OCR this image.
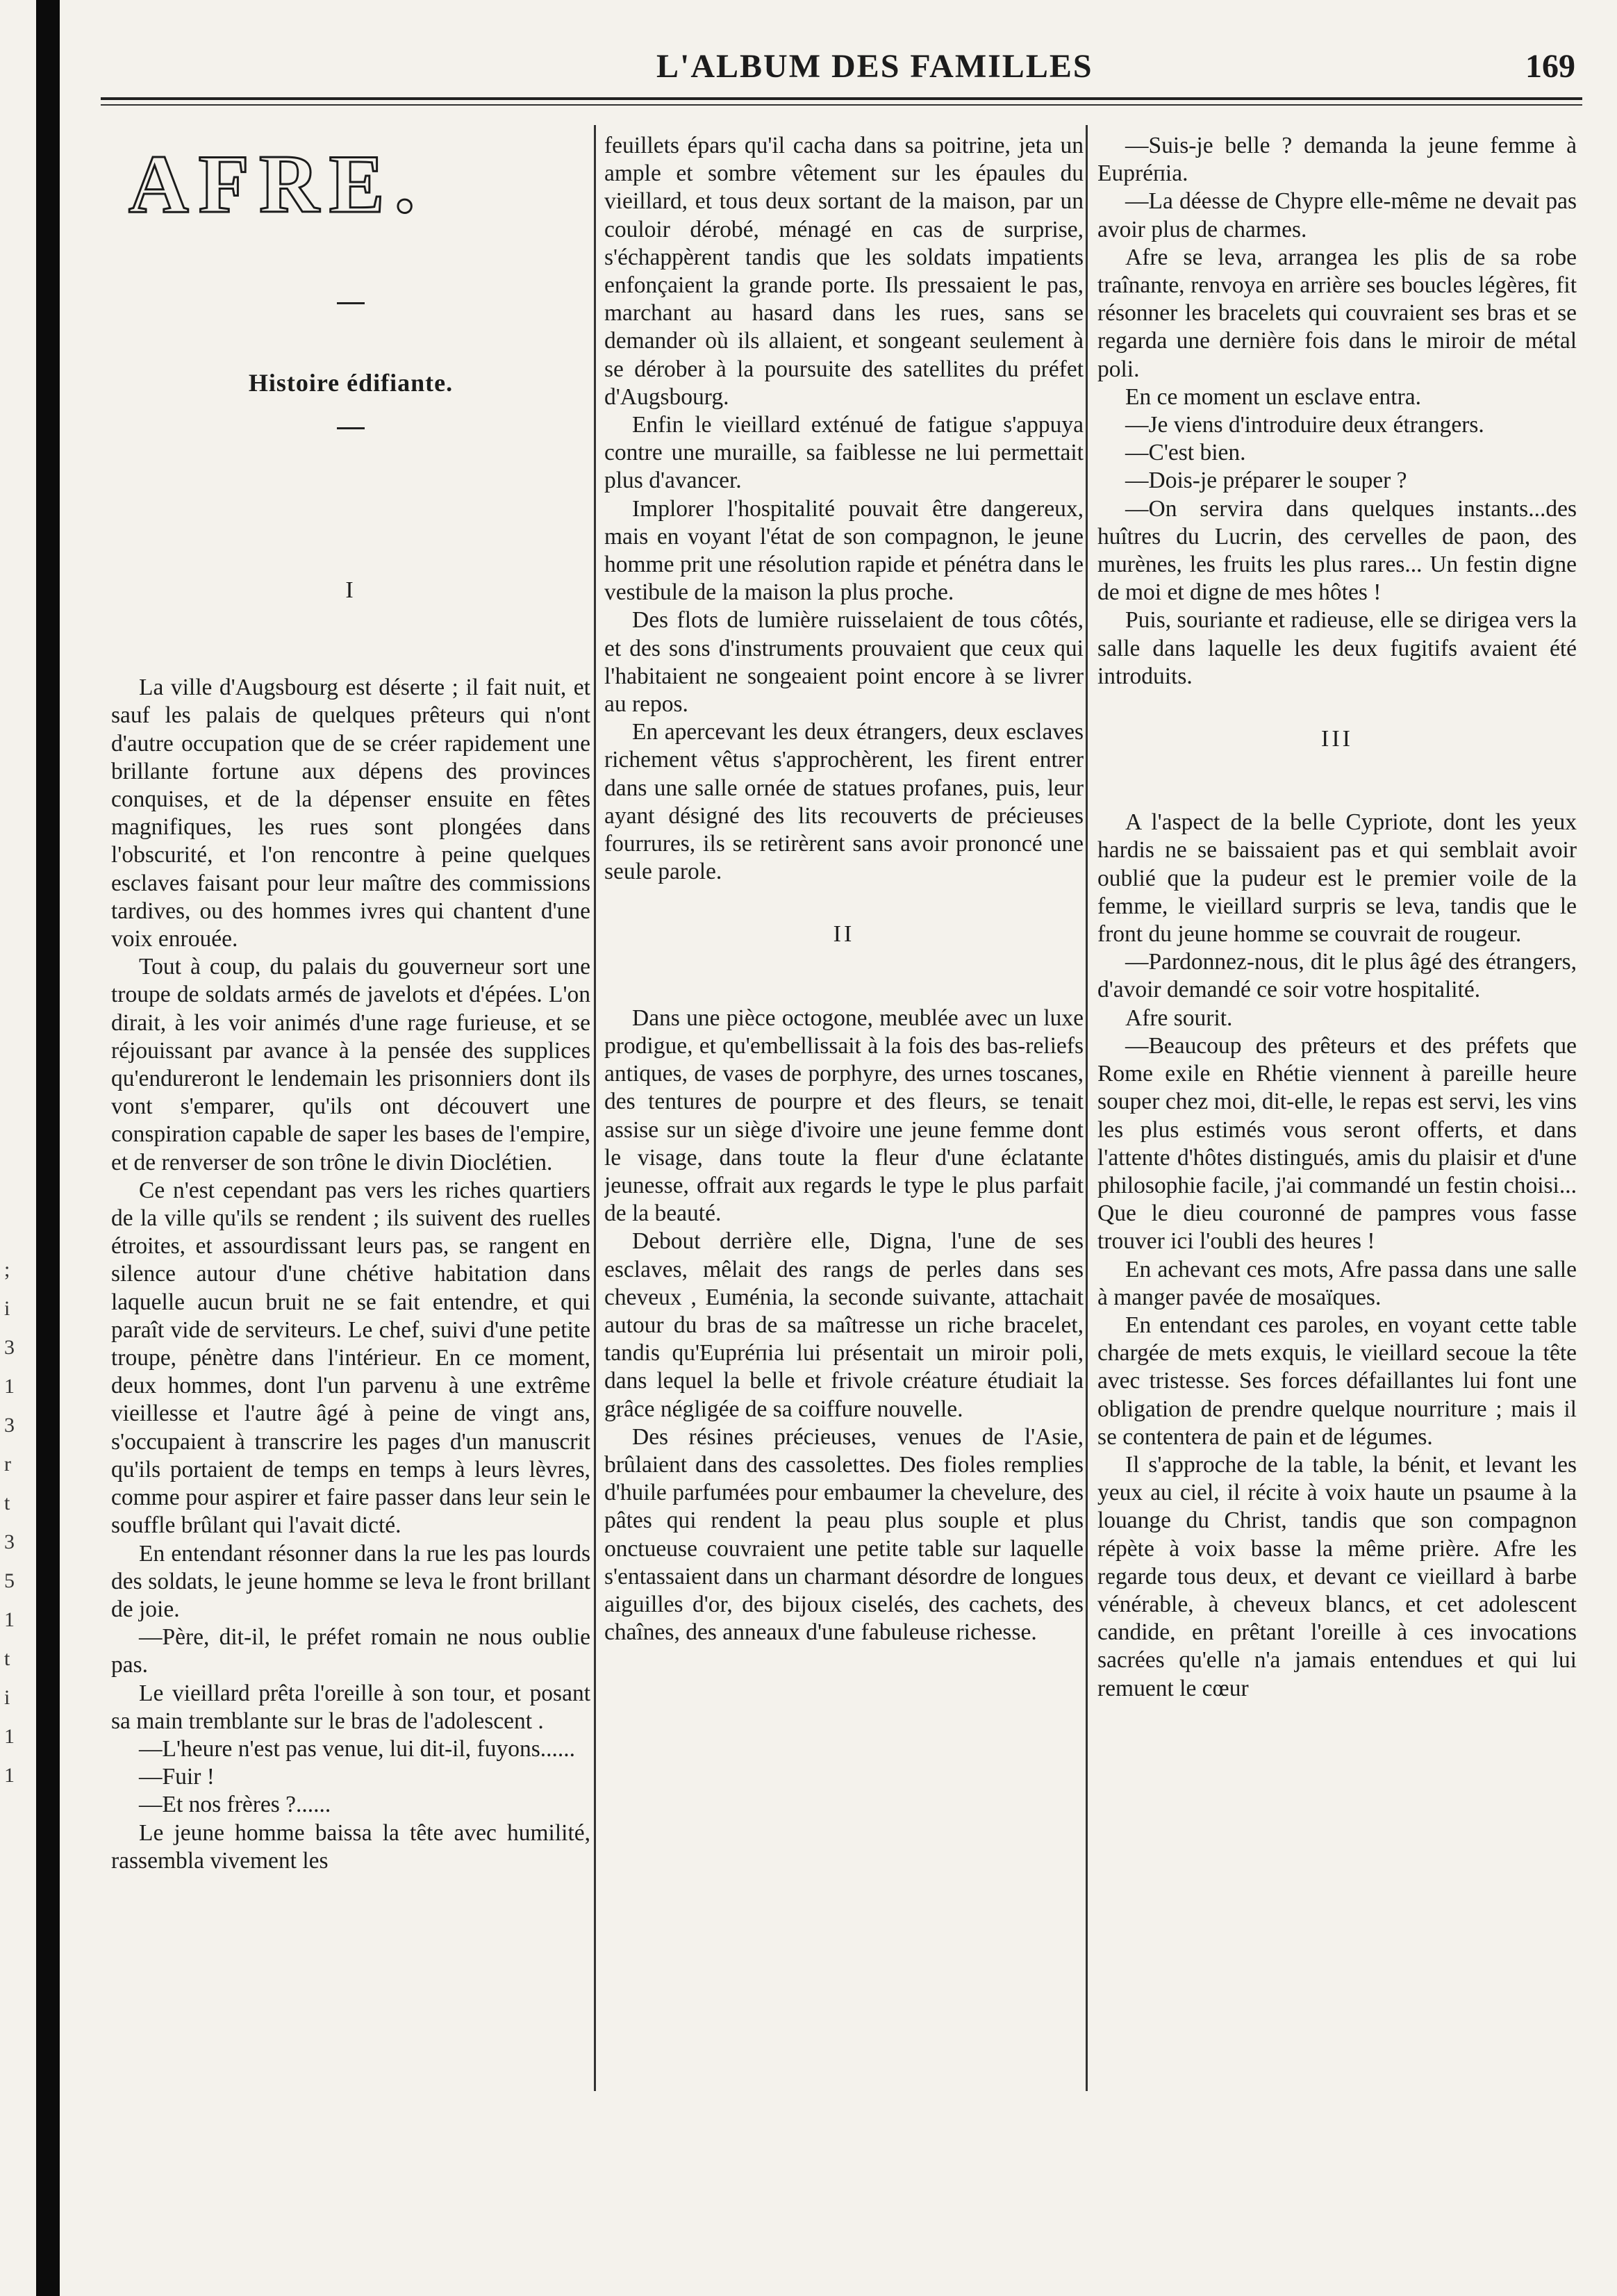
;
i
3
1
3
r
t
3
5
1
t
i
1
1
L'ALBUM DES FAMILLES	169

I

La ville d'Augsbourg est déserte ; il fait nuit, et sauf les palais de quelques prêteurs qui n'ont d'autre occupation que de se créer rapidement une brillante fortune aux dépens des provinces conquises, et de la dépenser ensuite en fêtes magnifiques, les rues sont plongées dans l'obscurité, et l'on rencontre à peine quelques esclaves faisant pour leur maître des commissions tardives, ou des hommes ivres qui chantent d'une voix enrouée.

Tout à coup, du palais du gouverneur sort une troupe de soldats armés de javelots et d'épées. L'on dirait, à les voir animés d'une rage furieuse, et se réjouissant par avance à la pensée des supplices qu'endureront le lendemain les prisonniers dont ils vont s'emparer, qu'ils ont découvert une conspiration capable de saper les bases de l'empire, et de renverser de son trône le divin Dioclétien.

Ce n'est cependant pas vers les riches quartiers de la ville qu'ils se rendent ; ils suivent des ruelles étroites, et assourdissant leurs pas, se rangent en silence autour d'une chétive habitation dans laquelle aucun bruit ne se fait entendre, et qui paraît vide de serviteurs. Le chef, suivi d'une petite troupe, pénètre dans l'intérieur. En ce moment, deux hommes, dont l'un parvenu à une extrême vieillesse et l'autre âgé à peine de vingt ans, s'occupaient à transcrire les pages d'un manuscrit qu'ils portaient de temps en temps à leurs lèvres, comme pour aspirer et faire passer dans leur sein le souffle brûlant qui l'avait dicté.

En entendant résonner dans la rue les pas lourds des soldats, le jeune homme se leva le front brillant de joie.

—Père, dit-il, le préfet romain ne nous oublie pas.

Le vieillard prêta l'oreille à son tour, et posant sa main tremblante sur le bras de l'adolescent .

—L'heure n'est pas venue, lui dit-il, fuyons......

—Fuir !

—Et nos frères ?......

Le jeune homme baissa la tête avec humilité, rassembla vivement les

AFRE.
Histoire édifiante.

feuillets épars qu'il cacha dans sa poitrine, jeta un ample et sombre vêtement sur les épaules du vieillard, et tous deux sortant de la maison, par un couloir dérobé, ménagé en cas de surprise, s'échappèrent tandis que les soldats impatients enfonçaient la grande porte. Ils pressaient le pas, marchant au hasard dans les rues, sans se demander où ils allaient, et songeant seulement à se dérober à la poursuite des satellites du préfet d'Augsbourg.

Enfin le vieillard exténué de fatigue s'appuya contre une muraille, sa faiblesse ne lui permettait plus d'avancer.

Implorer l'hospitalité pouvait être dangereux, mais en voyant l'état de son compagnon, le jeune homme prit une résolution rapide et pénétra dans le vestibule de la maison la plus proche.

Des flots de lumière ruisselaient de tous côtés, et des sons d'instruments prouvaient que ceux qui l'habitaient ne songeaient point encore à se livrer au repos.

En apercevant les deux étrangers, deux esclaves richement vêtus s'approchèrent, les firent entrer dans une salle ornée de statues profanes, puis, leur ayant désigné des lits recouverts de précieuses fourrures, ils se retirèrent sans avoir prononcé une seule parole.

II

Dans une pièce octogone, meublée avec un luxe prodigue, et qu'embellissait à la fois des bas-reliefs antiques, de vases de porphyre, des urnes toscanes, des tentures de pourpre et des fleurs, se tenait assise sur un siège d'ivoire une jeune femme dont le visage, dans toute la fleur d'une éclatante jeunesse, offrait aux regards le type le plus parfait de la beauté.

Debout derrière elle, Digna, l'une de ses esclaves, mêlait des rangs de perles dans ses cheveux , Euménia, la seconde suivante, attachait autour du bras de sa maîtresse un riche bracelet, tandis qu'Eupréпia lui présentait un miroir poli, dans lequel la belle et frivole créature étudiait la grâce négligée de sa coiffure nouvelle.

Des résines précieuses, venues de l'Asie, brûlaient dans des cassolettes. Des fioles remplies d'huile parfumées pour embaumer la chevelure, des pâtes qui rendent la peau plus souple et plus onctueuse couvraient une petite table sur laquelle s'entassaient dans un charmant désordre de longues aiguilles d'or, des bijoux ciselés, des cachets, des chaînes, des anneaux d'une fabuleuse richesse.

—Suis-je belle ? demanda la jeune femme à Eupréпia.

—La déesse de Chypre elle-même ne devait pas avoir plus de charmes.

Afre se leva, arrangea les plis de sa robe traînante, renvoya en arrière ses boucles légères, fit résonner les bracelets qui couvraient ses bras et se regarda une dernière fois dans le miroir de métal poli.

En ce moment un esclave entra.

—Je viens d'introduire deux étrangers.

—C'est bien.

—Dois-je préparer le souper ?

—On servira dans quelques instants...des huîtres du Lucrin, des cervelles de paon, des murènes, les fruits les plus rares... Un festin digne de moi et digne de mes hôtes !

Puis, souriante et radieuse, elle se dirigea vers la salle dans laquelle les deux fugitifs avaient été introduits.

III

A l'aspect de la belle Cypriote, dont les yeux hardis ne se baissaient pas et qui semblait avoir oublié que la pudeur est le premier voile de la femme, le vieillard surpris se leva, tandis que le front du jeune homme se couvrait de rougeur.

—Pardonnez-nous, dit le plus âgé des étrangers, d'avoir demandé ce soir votre hospitalité.

Afre sourit.

—Beaucoup des prêteurs et des préfets que Rome exile en Rhétie viennent à pareille heure souper chez moi, dit-elle, le repas est servi, les vins les plus estimés vous seront offerts, et dans l'attente d'hôtes distingués, amis du plaisir et d'une philosophie facile, j'ai commandé un festin choisi... Que le dieu couronné de pampres vous fasse trouver ici l'oubli des heures !

En achevant ces mots, Afre passa dans une salle à manger pavée de mosaïques.

En entendant ces paroles, en voyant cette table chargée de mets exquis, le vieillard secoue la tête avec tristesse. Ses forces défaillantes lui font une obligation de prendre quelque nourriture ; mais il se contentera de pain et de légumes.

Il s'approche de la table, la bénit, et levant les yeux au ciel, il récite à voix haute un psaume à la louange du Christ, tandis que son compagnon répète à voix basse la même prière. Afre les regarde tous deux, et devant ce vieillard à barbe vénérable, à cheveux blancs, et cet adolescent candide, en prêtant l'oreille à ces invocations sacrées qu'elle n'a jamais entendues et qui lui remuent le cœur
